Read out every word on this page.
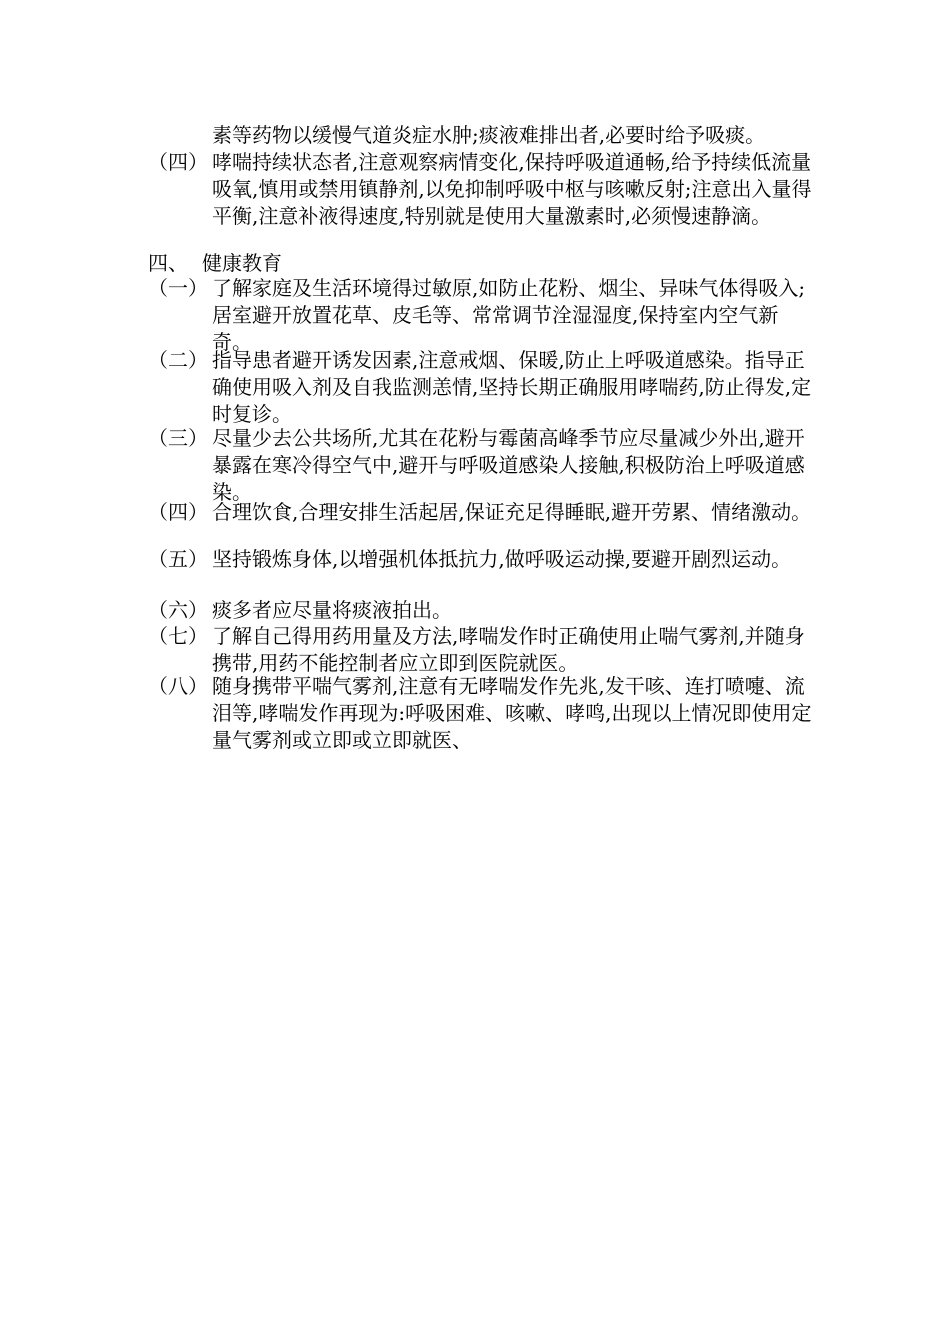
素等药物以缓慢气道炎症水肿;痰液难排出者,必要时给予吸痰。
（四） 哮喘持续状态者,注意观察病情变化,保持呼吸道通畅,给予持续低流量吸氧,慎用或禁用镇静剂,以免抑制呼吸中枢与咳嗽反射;注意出入量得平衡,注意补液得速度,特别就是使用大量激素时,必须慢速静滴。
四、 健康教育
（一） 了解家庭及生活环境得过敏原,如防止花粉、烟尘、异味气体得吸入;居室避开放置花草、皮毛等、常常调节洤湿湿度,保持室内空气新奇。
（二） 指导患者避开诱发因素,注意戒烟、保暖,防止上呼吸道感染。指导正确使用吸入剂及自我监测恙情,坚持长期正确服用哮喘药,防止得发,定时复诊。
（三） 尽量少去公共场所,尤其在花粉与霉菌高峰季节应尽量减少外出,避开暴露在寒冷得空气中,避开与呼吸道感染人接触,积极防治上呼吸道感染。
（四） 合理饮食,合理安排生活起居,保证充足得睡眠,避开劳累、情绪激动。
（五） 坚持锻炼身体,以增强机体抵抗力,做呼吸运动操,要避开剧烈运动。
（六） 痰多者应尽量将痰液拍出。
（七） 了解自己得用药用量及方法,哮喘发作时正确使用止喘气雾剂,并随身携带,用药不能控制者应立即到医院就医。
（八） 随身携带平喘气雾剂,注意有无哮喘发作先兆,发干咳、连打喷嚏、流泪等,哮喘发作再现为:呼吸困难、咳嗽、哮鸣,出现以上情况即使用定量气雾剂或立即或立即就医、
